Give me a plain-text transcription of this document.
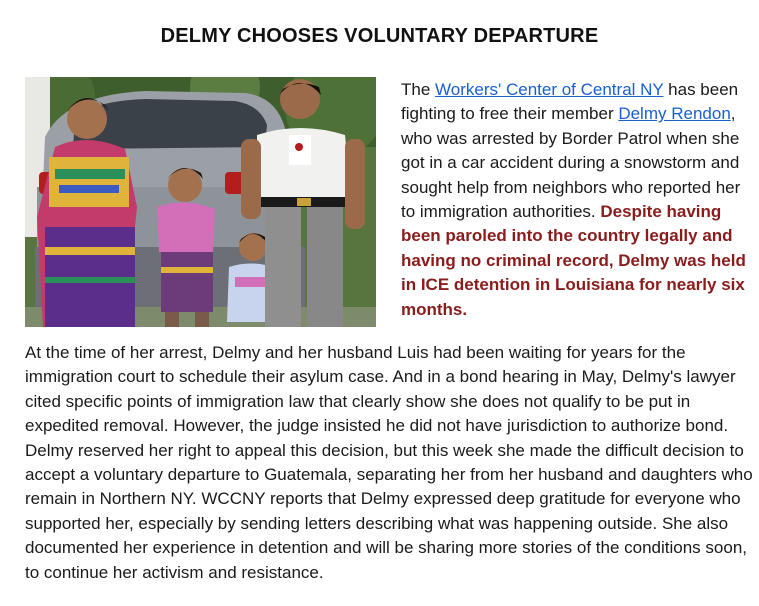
DELMY CHOOSES VOLUNTARY DEPARTURE
The Workers' Center of Central NY has been fighting to free their member Delmy Rendon, who was arrested by Border Patrol when she got in a car accident during a snowstorm and sought help from neighbors who reported her to immigration authorities. Despite having been paroled into the country legally and having no criminal record, Delmy was held in ICE detention in Louisiana for nearly six months.
At the time of her arrest, Delmy and her husband Luis had been waiting for years for the immigration court to schedule their asylum case. And in a bond hearing in May, Delmy's lawyer cited specific points of immigration law that clearly show she does not qualify to be put in expedited removal. However, the judge insisted he did not have jurisdiction to authorize bond. Delmy reserved her right to appeal this decision, but this week she made the difficult decision to accept a voluntary departure to Guatemala, separating her from her husband and daughters who remain in Northern NY. WCCNY reports that Delmy expressed deep gratitude for everyone who supported her, especially by sending letters describing what was happening outside. She also documented her experience in detention and will be sharing more stories of the conditions soon, to continue her activism and resistance.
